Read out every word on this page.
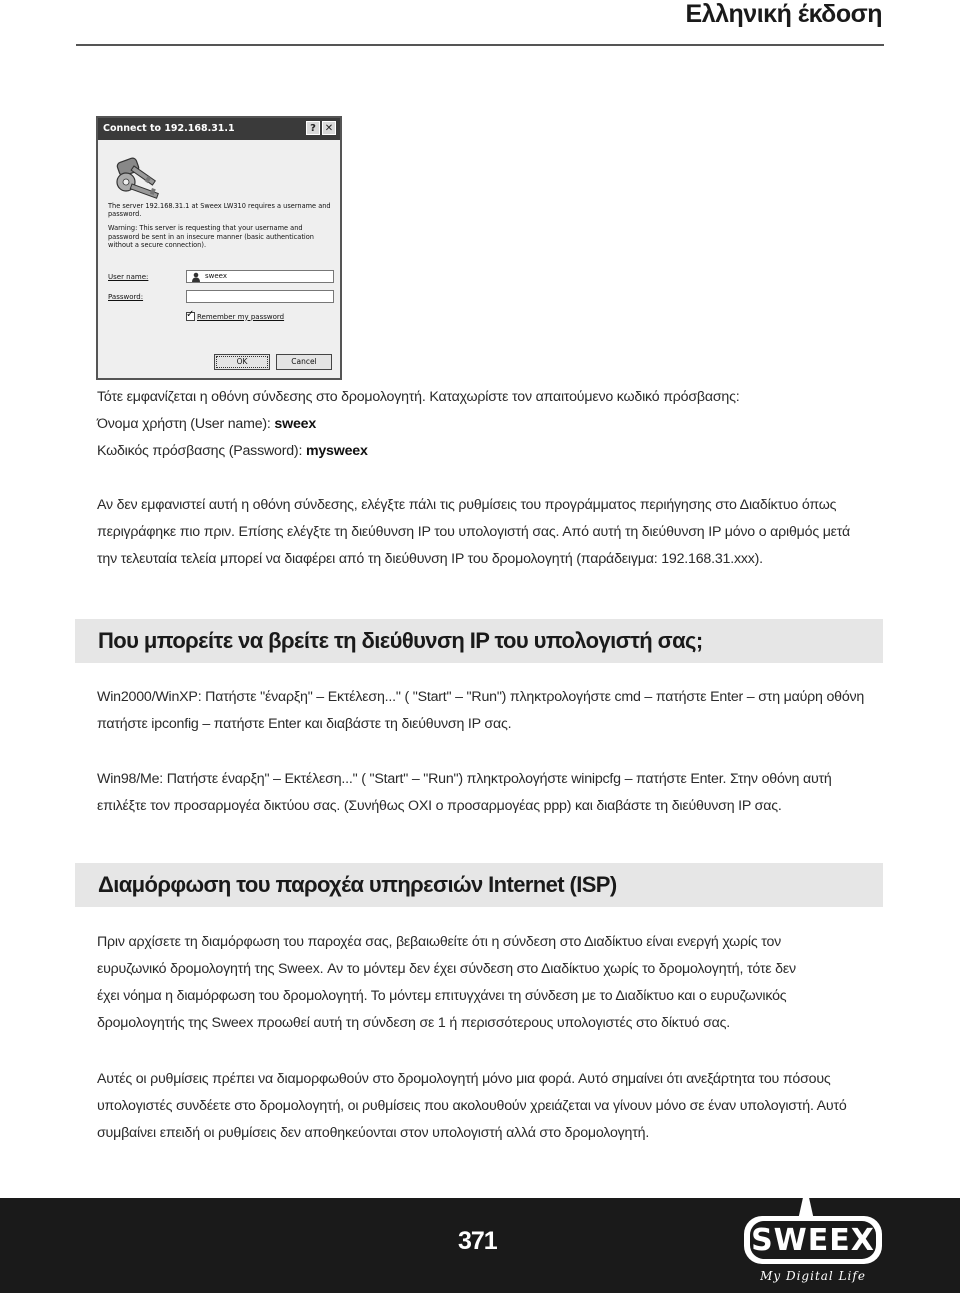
Ελληνική έκδοση
Connect to 192.168.31.1	? ✕

The server 192.168.31.1 at Sweex LW310 requires a username and password.

Warning: This server is requesting that your username and password be sent in an insecure manner (basic authentication without a secure connection).

User name:	sweex
Password:
✓Remember my password
OK	Cancel
Τότε εμφανίζεται η οθόνη σύνδεσης στο δρομολογητή. Καταχωρίστε τον απαιτούμενο κωδικό πρόσβασης:
Όνομα χρήστη (User name): sweex
Κωδικός πρόσβασης (Password): mysweex
Αν δεν εμφανιστεί αυτή η οθόνη σύνδεσης, ελέγξτε πάλι τις ρυθμίσεις του προγράμματος περιήγησης στο Διαδίκτυο όπως
περιγράφηκε πιο πριν. Επίσης ελέγξτε τη διεύθυνση IP του υπολογιστή σας. Από αυτή τη διεύθυνση IP μόνο ο αριθμός μετά
την τελευταία τελεία μπορεί να διαφέρει από τη διεύθυνση IP του δρομολογητή (παράδειγμα: 192.168.31.xxx).
Που μπορείτε να βρείτε τη διεύθυνση IP του υπολογιστή σας;
Win2000/WinXP: Πατήστε "έναρξη" – Εκτέλεση..." ( "Start" – "Run") πληκτρολογήστε cmd – πατήστε Enter – στη μαύρη οθόνη
πατήστε ipconfig – πατήστε Enter και διαβάστε τη διεύθυνση IP σας.
Win98/Me: Πατήστε έναρξη" – Εκτέλεση..." ( "Start" – "Run") πληκτρολογήστε winipcfg – πατήστε Enter. Στην οθόνη αυτή
επιλέξτε τον προσαρμογέα δικτύου σας. (Συνήθως ΟΧΙ ο προσαρμογέας ppp) και διαβάστε τη διεύθυνση IP σας.
Διαμόρφωση του παροχέα υπηρεσιών Internet (ISP)
Πριν αρχίσετε τη διαμόρφωση του παροχέα σας, βεβαιωθείτε ότι η σύνδεση στο Διαδίκτυο είναι ενεργή χωρίς τον
ευρυζωνικό δρομολογητή της Sweex. Αν το μόντεμ δεν έχει σύνδεση στο Διαδίκτυο χωρίς το δρομολογητή, τότε δεν
έχει νόημα η διαμόρφωση του δρομολογητή. Το μόντεμ επιτυγχάνει τη σύνδεση με το Διαδίκτυο και ο ευρυζωνικός
δρομολογητής της Sweex προωθεί αυτή τη σύνδεση σε 1 ή περισσότερους υπολογιστές στο δίκτυό σας.
Αυτές οι ρυθμίσεις πρέπει να διαμορφωθούν στο δρομολογητή μόνο μια φορά. Αυτό σημαίνει ότι ανεξάρτητα του πόσους
υπολογιστές συνδέετε στο δρομολογητή, οι ρυθμίσεις που ακολουθούν χρειάζεται να γίνουν μόνο σε έναν υπολογιστή. Αυτό
συμβαίνει επειδή οι ρυθμίσεις δεν αποθηκεύονται στον υπολογιστή αλλά στο δρομολογητή.
371	SWEEX
My Digital Life
